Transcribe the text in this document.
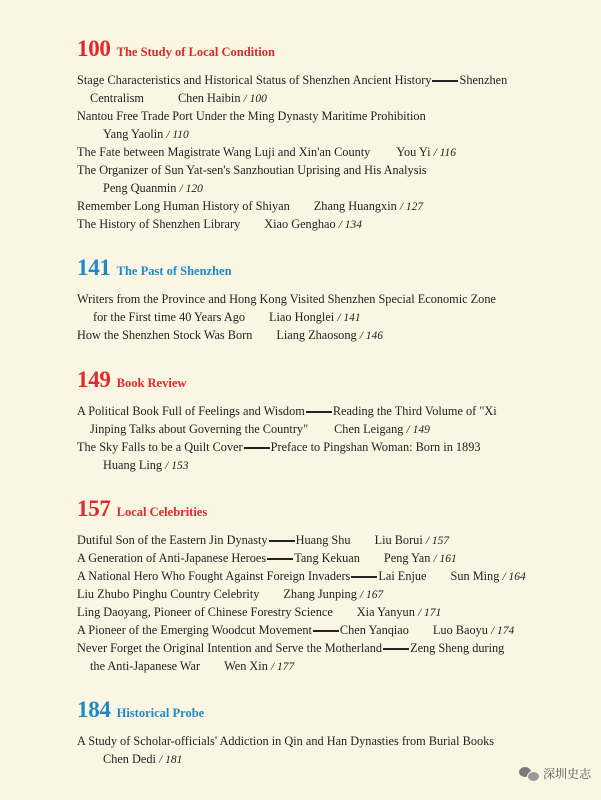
100 The Study of Local Condition
Stage Characteristics and Historical Status of Shenzhen Ancient History Shenzhen
Centralism	Chen Haibin / 100
Nantou Free Trade Port Under the Ming Dynasty Maritime Prohibition
Yang Yaolin / 110
The Fate between Magistrate Wang Luji and Xin'an County You Yi / 116
The Organizer of Sun Yat-sen's Sanzhoutian Uprising and His Analysis
Peng Quanmin / 120
Remember Long Human History of Shiyan Zhang Huangxin / 127
The History of Shenzhen Library Xiao Genghao / 134
141 The Past of Shenzhen
Writers from the Province and Hong Kong Visited Shenzhen Special Economic Zone
for the First time 40 Years Ago Liao Honglei / 141
How the Shenzhen Stock Was Born Liang Zhaosong / 146
149 Book Review
A Political Book Full of Feelings and Wisdom Reading the Third Volume of "Xi
Jinping Talks about Governing the Country" Chen Leigang / 149
The Sky Falls to be a Quilt Cover Preface to Pingshan Woman: Born in 1893
Huang Ling / 153
157 Local Celebrities
Dutiful Son of the Eastern Jin Dynasty Huang Shu Liu Borui / 157
A Generation of Anti-Japanese Heroes Tang Kekuan Peng Yan / 161
A National Hero Who Fought Against Foreign Invaders Lai Enjue Sun Ming / 164
Liu Zhubo Pinghu Country Celebrity Zhang Junping / 167
Ling Daoyang, Pioneer of Chinese Forestry Science Xia Yanyun / 171
A Pioneer of the Emerging Woodcut Movement Chen Yanqiao Luo Baoyu / 174
Never Forget the Original Intention and Serve the Motherland Zeng Sheng during
the Anti-Japanese War Wen Xin / 177
184 Historical Probe
A Study of Scholar-officials' Addiction in Qin and Han Dynasties from Burial Books
Chen Dedi / 181
深圳史志
